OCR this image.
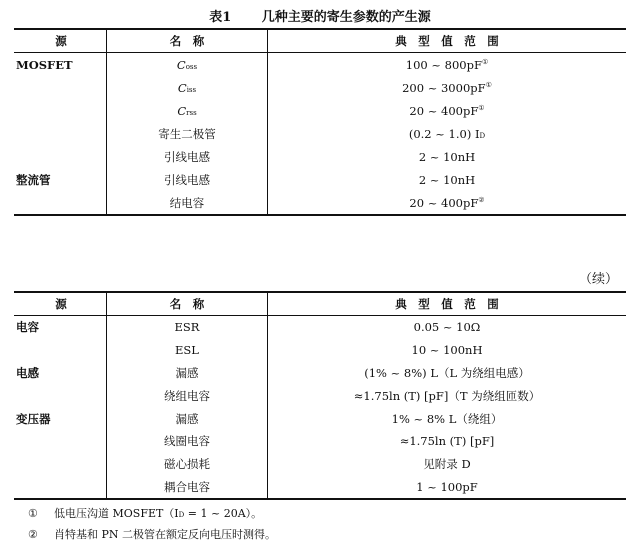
表1 几种主要的寄生参数的产生源
源	名　称	典　型　值　范　围
MOSFET	Coss	100 ~ 800pF①
	Ciss	200 ~ 3000pF①
	Crss	20 ~ 400pF①
	寄生二极管	(0.2 ~ 1.0) ID
	引线电感	2 ~ 10nH
整流管	引线电感	2 ~ 10nH
	结电容	20 ~ 400pF②
（续）
源	名　称	典　型　值　范　围
电容	ESR	0.05 ~ 10Ω
	ESL	10 ~ 100nH
电感	漏感	(1% ~ 8%) L（L 为绕组电感）
	绕组电容	≈1.75ln (T) [pF]（T 为绕组匝数）
变压器	漏感	1% ~ 8% L（绕组）
	线圈电容	≈1.75ln (T) [pF]
	磁心损耗	见附录 D
	耦合电容	1 ~ 100pF
① 低电压沟道 MOSFET（ID = 1 ~ 20A）。
② 肖特基和 PN 二极管在额定反向电压时测得。
